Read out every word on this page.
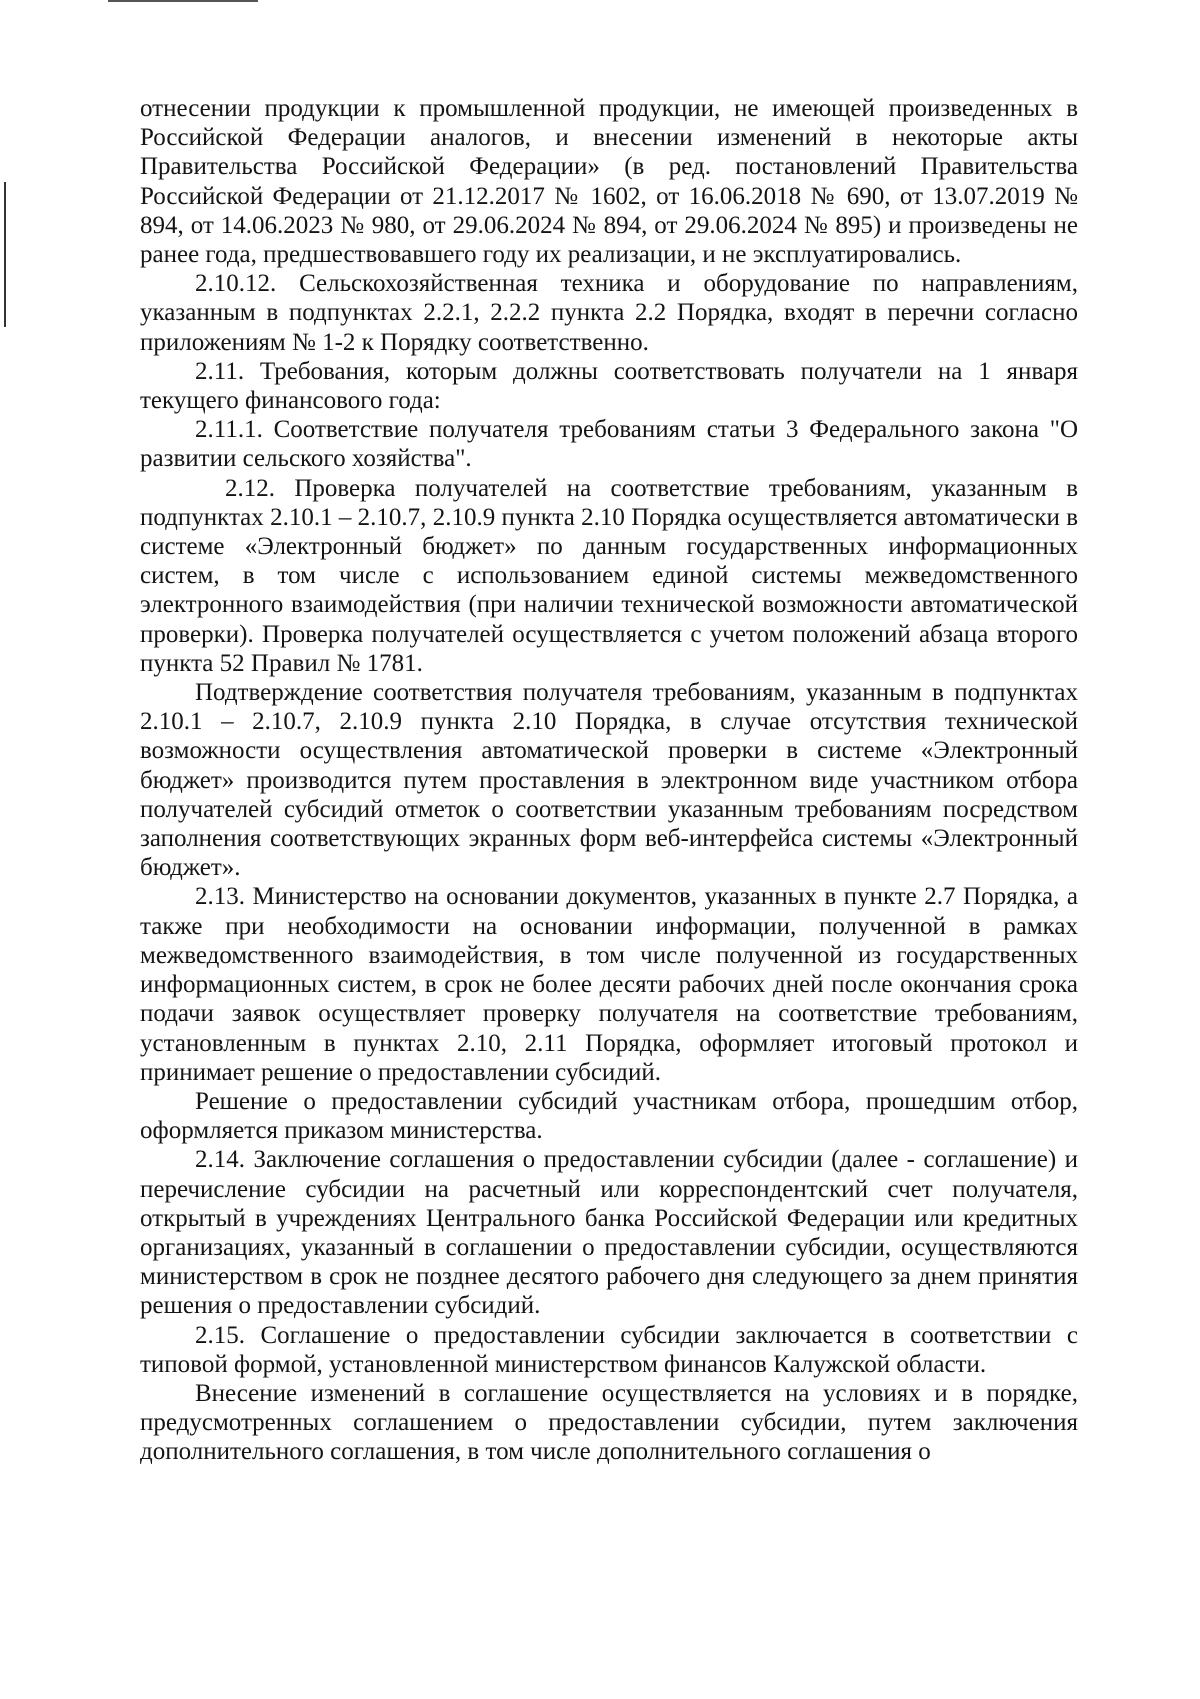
отнесении продукции к промышленной продукции, не имеющей произведенных в Российской Федерации аналогов, и внесении изменений в некоторые акты Правительства Российской Федерации» (в ред. постановлений Правительства Российской Федерации от 21.12.2017 № 1602, от 16.06.2018 № 690, от 13.07.2019 № 894, от 14.06.2023 № 980, от 29.06.2024 № 894, от 29.06.2024 № 895) и произведены не ранее года, предшествовавшего году их реализации, и не эксплуатировались.

2.10.12. Сельскохозяйственная техника и оборудование по направлениям, указанным в подпунктах 2.2.1, 2.2.2 пункта 2.2 Порядка, входят в перечни согласно приложениям № 1-2 к Порядку соответственно.

2.11. Требования, которым должны соответствовать получатели на 1 января текущего финансового года:

2.11.1. Соответствие получателя требованиям статьи 3 Федерального закона "О развитии сельского хозяйства".

2.12. Проверка получателей на соответствие требованиям, указанным в подпунктах 2.10.1 – 2.10.7, 2.10.9 пункта 2.10 Порядка осуществляется автоматически в системе «Электронный бюджет» по данным государственных информационных систем, в том числе с использованием единой системы межведомственного электронного взаимодействия (при наличии технической возможности автоматической проверки). Проверка получателей осуществляется с учетом положений абзаца второго пункта 52 Правил № 1781.

Подтверждение соответствия получателя требованиям, указанным в подпунктах 2.10.1 – 2.10.7, 2.10.9 пункта 2.10 Порядка, в случае отсутствия технической возможности осуществления автоматической проверки в системе «Электронный бюджет» производится путем проставления в электронном виде участником отбора получателей субсидий отметок о соответствии указанным требованиям посредством заполнения соответствующих экранных форм веб-интерфейса системы «Электронный бюджет».

2.13. Министерство на основании документов, указанных в пункте 2.7 Порядка, а также при необходимости на основании информации, полученной в рамках межведомственного взаимодействия, в том числе полученной из государственных информационных систем, в срок не более десяти рабочих дней после окончания срока подачи заявок осуществляет проверку получателя на соответствие требованиям, установленным в пунктах 2.10, 2.11 Порядка, оформляет итоговый протокол и принимает решение о предоставлении субсидий.

Решение о предоставлении субсидий участникам отбора, прошедшим отбор, оформляется приказом министерства.

2.14. Заключение соглашения о предоставлении субсидии (далее - соглашение) и перечисление субсидии на расчетный или корреспондентский счет получателя, открытый в учреждениях Центрального банка Российской Федерации или кредитных организациях, указанный в соглашении о предоставлении субсидии, осуществляются министерством в срок не позднее десятого рабочего дня следующего за днем принятия решения о предоставлении субсидий.

2.15. Соглашение о предоставлении субсидии заключается в соответствии с типовой формой, установленной министерством финансов Калужской области.

Внесение изменений в соглашение осуществляется на условиях и в порядке, предусмотренных соглашением о предоставлении субсидии, путем заключения дополнительного соглашения, в том числе дополнительного соглашения о
